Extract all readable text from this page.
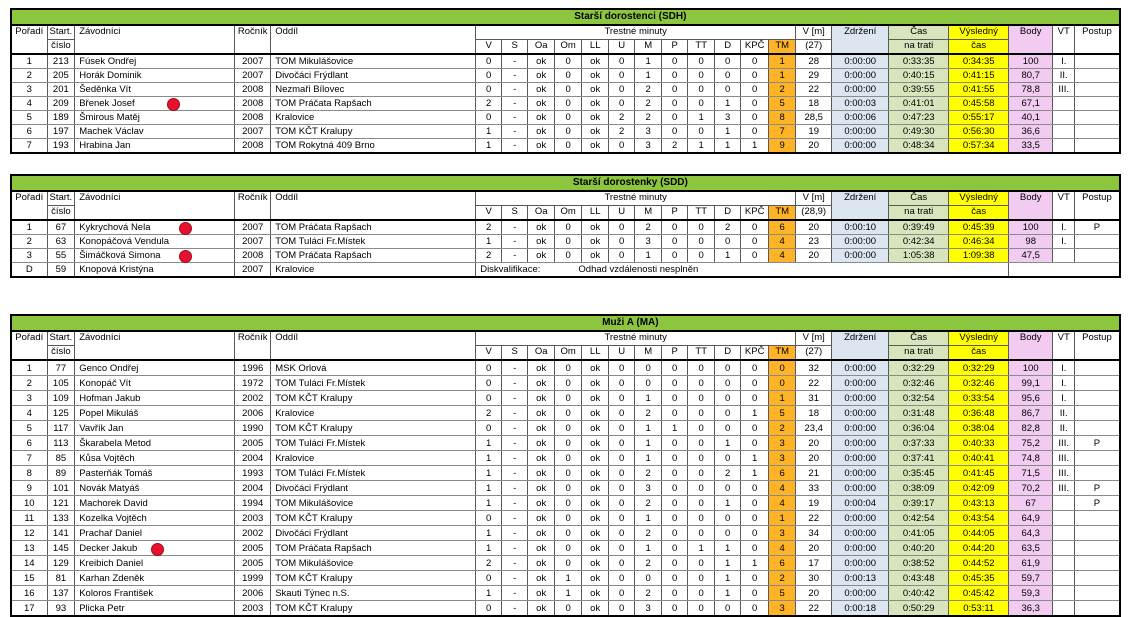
Starší dorostenci (SDH)																							
Pořadí	Start.	Závodníci	Ročník	Oddíl	Trestné minuty												V [m]	Zdržení	Čas	Výsledný	Body	VT	Postup
	číslo				V	S	Oa	Om	LL	U	M	P	TT	D	KPČ	TM	(27)		na trati	čas			
1	213	Fúsek Ondřej	2007	TOM Mikulášovice	0	-	ok	0	ok	0	1	0	0	0	0	1	28	0:00:00	0:33:35	0:34:35	100	I.	
2	205	Horák Dominik	2007	Divočáci Frýdlant	0	-	ok	0	ok	0	1	0	0	0	0	1	29	0:00:00	0:40:15	0:41:15	80,7	II.	
3	201	Šeděnka Vít	2008	Nezmaři Bílovec	0	-	ok	0	ok	0	2	0	0	0	0	2	22	0:00:00	0:39:55	0:41:55	78,8	III.	
4	209	Břenek Josef	2008	TOM Práčata Rapšach	2	-	ok	0	ok	0	2	0	0	1	0	5	18	0:00:03	0:41:01	0:45:58	67,1		
5	189	Šmirous Matěj	2008	Kralovice	0	-	ok	0	ok	2	2	0	1	3	0	8	28,5	0:00:06	0:47:23	0:55:17	40,1		
6	197	Machek Václav	2007	TOM KČT Kralupy	1	-	ok	0	ok	2	3	0	0	1	0	7	19	0:00:00	0:49:30	0:56:30	36,6		
7	193	Hrabina Jan	2008	TOM Rokytná 409 Brno	1	-	ok	0	ok	0	3	2	1	1	1	9	20	0:00:00	0:48:34	0:57:34	33,5		
Starší dorostenky (SDD)																							
Pořadí	Start.	Závodníci	Ročník	Oddíl	Trestné minuty												V [m]	Zdržení	Čas	Výsledný	Body	VT	Postup
	číslo				V	S	Oa	Om	LL	U	M	P	TT	D	KPČ	TM	(28,9)		na trati	čas			
1	67	Kykrychová Nela	2007	TOM Práčata Rapšach	2	-	ok	0	ok	0	2	0	0	2	0	6	20	0:00:10	0:39:49	0:45:39	100	I.	P
2	63	Konopáčová Vendula	2007	TOM Tuláci Fr.Místek	1	-	ok	0	ok	0	3	0	0	0	0	4	23	0:00:00	0:42:34	0:46:34	98	I.	
3	55	Šimáčková Simona	2008	TOM Práčata Rapšach	2	-	ok	0	ok	0	1	0	0	1	0	4	20	0:00:00	1:05:38	1:09:38	47,5		
D	59	Knopová Kristýna	2007	Kralovice	Diskvalifikace: Odhad vzdálenosti nesplněn																		
Muži A (MA)																							
Pořadí	Start.	Závodníci	Ročník	Oddíl	Trestné minuty												V [m]	Zdržení	Čas	Výsledný	Body	VT	Postup
	číslo				V	S	Oa	Om	LL	U	M	P	TT	D	KPČ	TM	(27)		na trati	čas			
1	77	Genco Ondřej	1996	MSK Orlová	0	-	ok	0	ok	0	0	0	0	0	0	0	32	0:00:00	0:32:29	0:32:29	100	I.	
2	105	Konopáč Vít	1972	TOM Tuláci Fr.Místek	0	-	ok	0	ok	0	0	0	0	0	0	0	22	0:00:00	0:32:46	0:32:46	99,1	I.	
3	109	Hofman Jakub	2002	TOM KČT Kralupy	0	-	ok	0	ok	0	1	0	0	0	0	1	31	0:00:00	0:32:54	0:33:54	95,6	I.	
4	125	Popel Mikuláš	2006	Kralovice	2	-	ok	0	ok	0	2	0	0	0	1	5	18	0:00:00	0:31:48	0:36:48	86,7	II.	
5	117	Vavřík Jan	1990	TOM KČT Kralupy	0	-	ok	0	ok	0	1	1	0	0	0	2	23,4	0:00:00	0:36:04	0:38:04	82,8	II.	
6	113	Škarabela Metod	2005	TOM Tuláci Fr.Místek	1	-	ok	0	ok	0	1	0	0	1	0	3	20	0:00:00	0:37:33	0:40:33	75,2	III.	P
7	85	Kůsa Vojtěch	2004	Kralovice	1	-	ok	0	ok	0	1	0	0	0	1	3	20	0:00:00	0:37:41	0:40:41	74,8	III.	
8	89	Pasterňák Tomáš	1993	TOM Tuláci Fr.Místek	1	-	ok	0	ok	0	2	0	0	2	1	6	21	0:00:00	0:35:45	0:41:45	71,5	III.	
9	101	Novák Matyáš	2004	Divočáci Frýdlant	1	-	ok	0	ok	0	3	0	0	0	0	4	33	0:00:00	0:38:09	0:42:09	70,2	III.	P
10	121	Machorek David	1994	TOM Mikulášovice	1	-	ok	0	ok	0	2	0	0	1	0	4	19	0:00:04	0:39:17	0:43:13	67		P
11	133	Kozelka Vojtěch	2003	TOM KČT Kralupy	0	-	ok	0	ok	0	1	0	0	0	0	1	22	0:00:00	0:42:54	0:43:54	64,9		
12	141	Prachař Daniel	2002	Divočáci Frýdlant	1	-	ok	0	ok	0	2	0	0	0	0	3	34	0:00:00	0:41:05	0:44:05	64,3		
13	145	Decker Jakub	2005	TOM Práčata Rapšach	1	-	ok	0	ok	0	1	0	1	1	0	4	20	0:00:00	0:40:20	0:44:20	63,5		
14	129	Kreibich Daniel	2005	TOM Mikulášovice	2	-	ok	0	ok	0	2	0	0	1	1	6	17	0:00:00	0:38:52	0:44:52	61,9		
15	81	Karhan Zdeněk	1999	TOM KČT Kralupy	0	-	ok	1	ok	0	0	0	0	1	0	2	30	0:00:13	0:43:48	0:45:35	59,7		
16	137	Koloros František	2006	Skauti Týnec n.S.	1	-	ok	1	ok	0	2	0	0	1	0	5	20	0:00:00	0:40:42	0:45:42	59,3		
17	93	Plicka Petr	2003	TOM KČT Kralupy	0	-	ok	0	ok	0	3	0	0	0	0	3	22	0:00:18	0:50:29	0:53:11	36,3		
